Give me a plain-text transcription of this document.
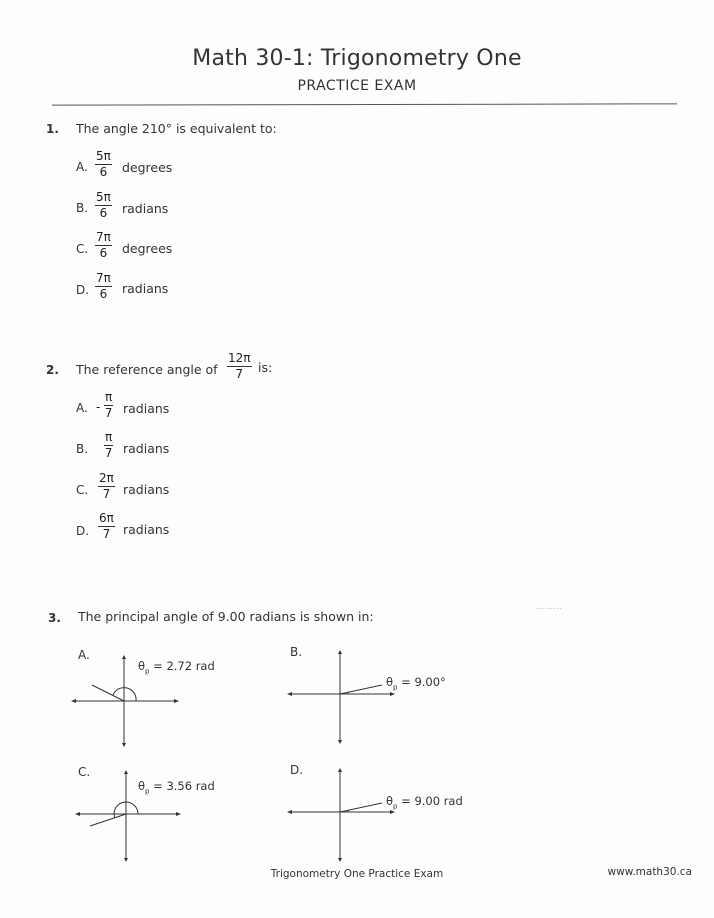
Math 30-1: Trigonometry One
PRACTICE EXAM
1. The angle 210° is equivalent to:
A.
5π
6 degrees
B.
5π
6 radians
C.
7π
6 degrees
D.
7π
6 radians
2. The reference angle of
12π
7 is:
A. -
π
7 radians
B.
π
7 radians
C.
2π
7 radians
D.
6π
7 radians
3. The principal angle of 9.00 radians is shown in:
.........
A.
$\theta_p = 2.72$ rad
B.
$\theta_p = 9.00^\circ$
C.
$\theta_p = 3.56$ rad
D.
$\theta_p = 9.00$ rad
Trigonometry One Practice Exam	www.math30.ca
